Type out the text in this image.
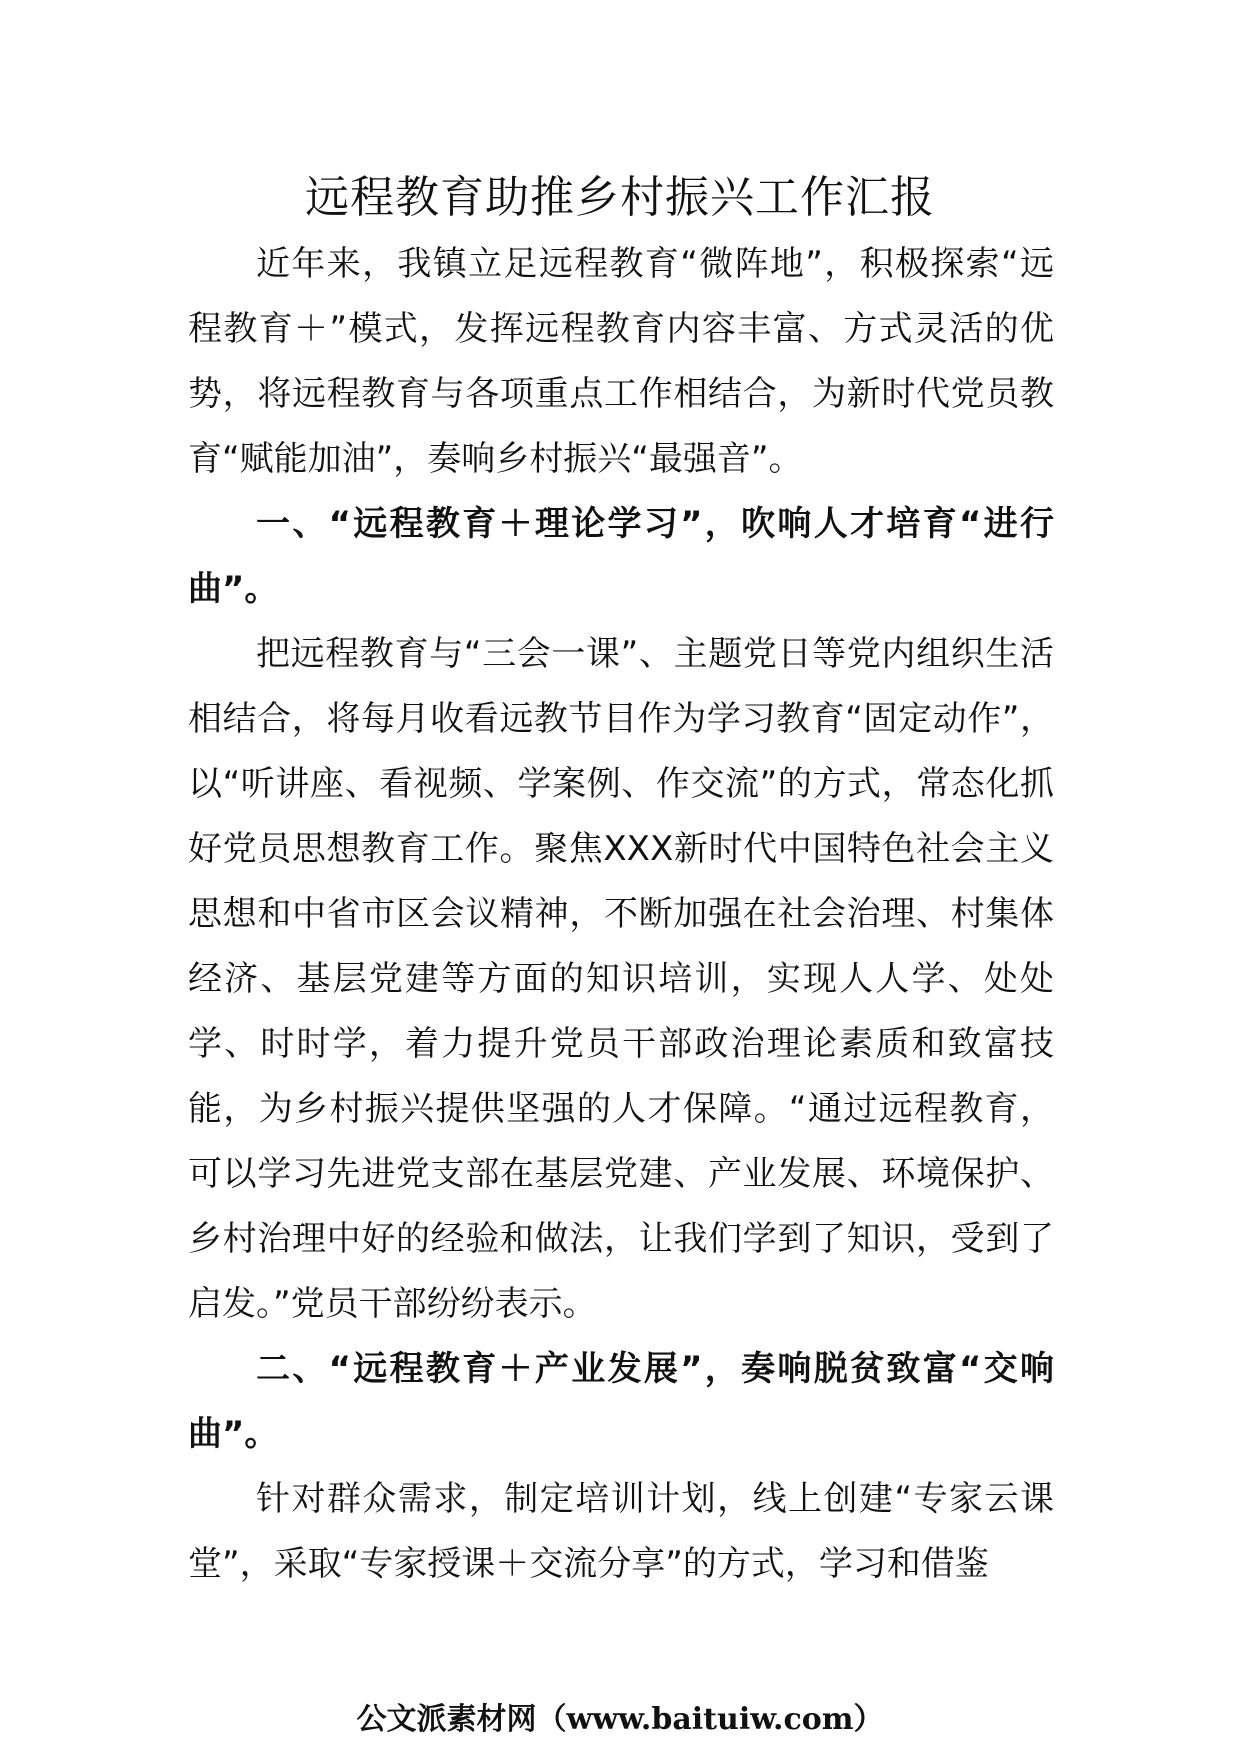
远程教育助推乡村振兴工作汇报

近年来，我镇立足远程教育“微阵地”，积极探索“远程教育＋”模式，发挥远程教育内容丰富、方式灵活的优势，将远程教育与各项重点工作相结合，为新时代党员教育“赋能加油”，奏响乡村振兴“最强音”。

一、“远程教育＋理论学习”，吹响人才培育“进行曲”。

把远程教育与“三会一课”、主题党日等党内组织生活相结合，将每月收看远教节目作为学习教育“固定动作”，以“听讲座、看视频、学案例、作交流”的方式，常态化抓好党员思想教育工作。聚焦XXX新时代中国特色社会主义思想和中省市区会议精神，不断加强在社会治理、村集体经济、基层党建等方面的知识培训，实现人人学、处处学、时时学，着力提升党员干部政治理论素质和致富技能，为乡村振兴提供坚强的人才保障。“通过远程教育，可以学习先进党支部在基层党建、产业发展、环境保护、乡村治理中好的经验和做法，让我们学到了知识，受到了启发。”党员干部纷纷表示。

二、“远程教育＋产业发展”，奏响脱贫致富“交响曲”。

针对群众需求，制定培训计划，线上创建“专家云课堂”，采取“专家授课＋交流分享”的方式，学习和借鉴

公文派素材网（www.baituiw.com）
